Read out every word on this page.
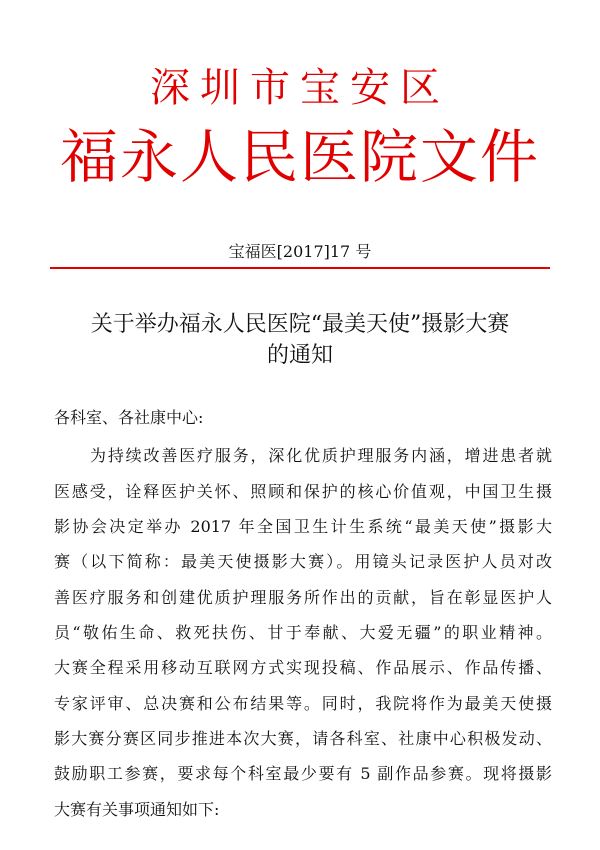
深圳市宝安区
福永人民医院文件
宝福医[2017]17 号
关于举办福永人民医院“最美天使”摄影大赛
的通知
各科室、各社康中心:
为持续改善医疗服务，深化优质护理服务内涵，增进患者就
医感受，诠释医护关怀、照顾和保护的核心价值观，中国卫生摄
影协会决定举办 2017 年全国卫生计生系统“最美天使”摄影大
赛（以下简称：最美天使摄影大赛）。用镜头记录医护人员对改
善医疗服务和创建优质护理服务所作出的贡献，旨在彰显医护人
员“敬佑生命、救死扶伤、甘于奉献、大爱无疆”的职业精神。
大赛全程采用移动互联网方式实现投稿、作品展示、作品传播、
专家评审、总决赛和公布结果等。同时，我院将作为最美天使摄
影大赛分赛区同步推进本次大赛，请各科室、社康中心积极发动、
鼓励职工参赛，要求每个科室最少要有 5 副作品参赛。现将摄影
大赛有关事项通知如下:
